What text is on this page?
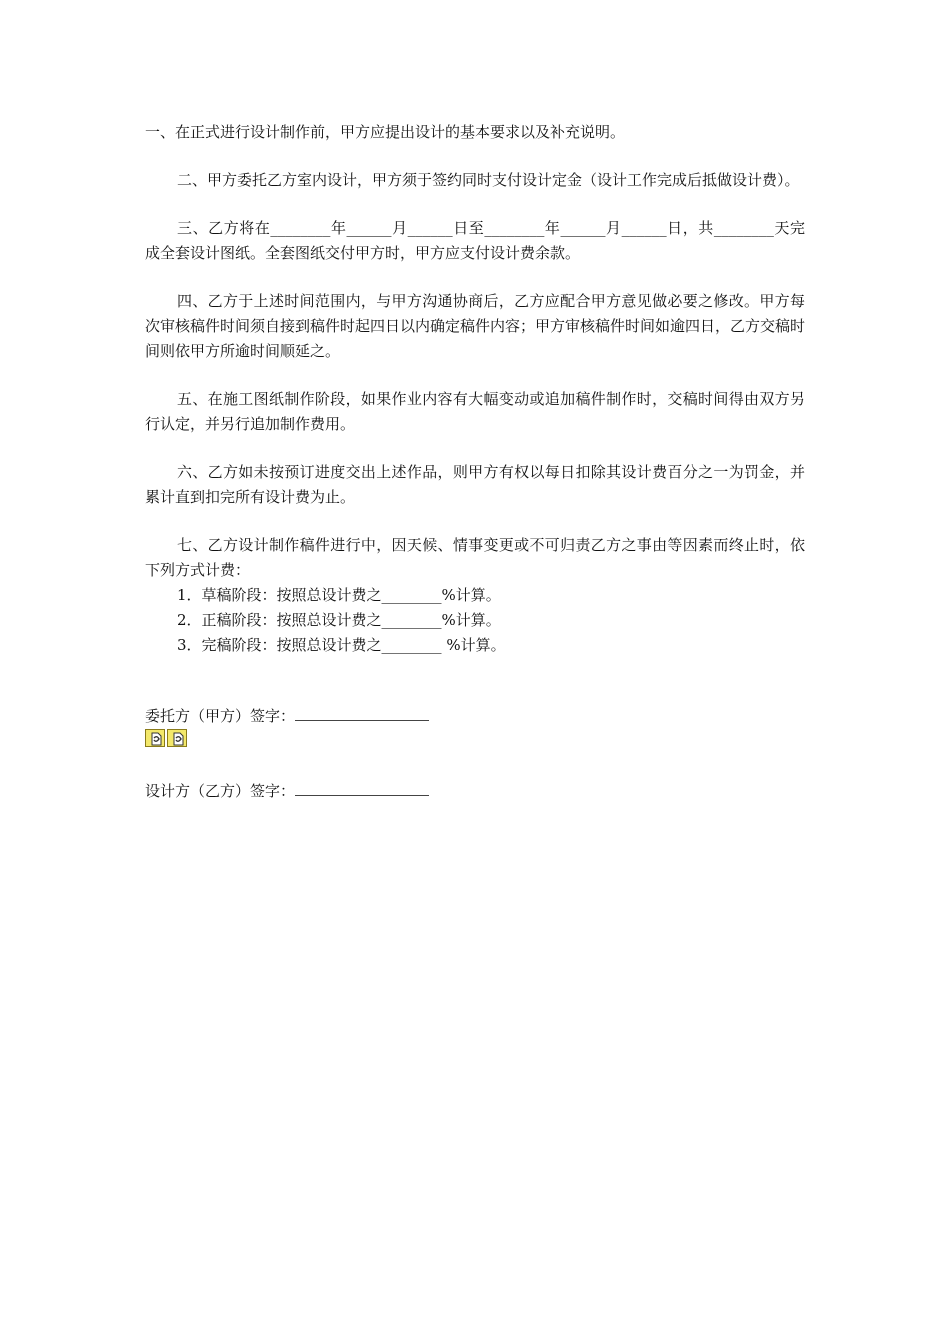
一、在正式进行设计制作前，甲方应提出设计的基本要求以及补充说明。

二、甲方委托乙方室内设计，甲方须于签约同时支付设计定金（设计工作完成后抵做设计费）。

三、乙方将在________年______月______日至________年______月______日，共________天完成全套设计图纸。全套图纸交付甲方时，甲方应支付设计费余款。

四、乙方于上述时间范围内，与甲方沟通协商后，乙方应配合甲方意见做必要之修改。甲方每次审核稿件时间须自接到稿件时起四日以内确定稿件内容；甲方审核稿件时间如逾四日，乙方交稿时间则依甲方所逾时间顺延之。

五、在施工图纸制作阶段，如果作业内容有大幅变动或追加稿件制作时，交稿时间得由双方另行认定，并另行追加制作费用。

六、乙方如未按预订进度交出上述作品，则甲方有权以每日扣除其设计费百分之一为罚金，并累计直到扣完所有设计费为止。

七、乙方设计制作稿件进行中，因天候、情事变更或不可归责乙方之事由等因素而终止时，依下列方式计费：

1．草稿阶段：按照总设计费之________%计算。

2．正稿阶段：按照总设计费之________%计算。

3．完稿阶段：按照总设计费之________ %计算。

委托方（甲方）签字：

设计方（乙方）签字：
